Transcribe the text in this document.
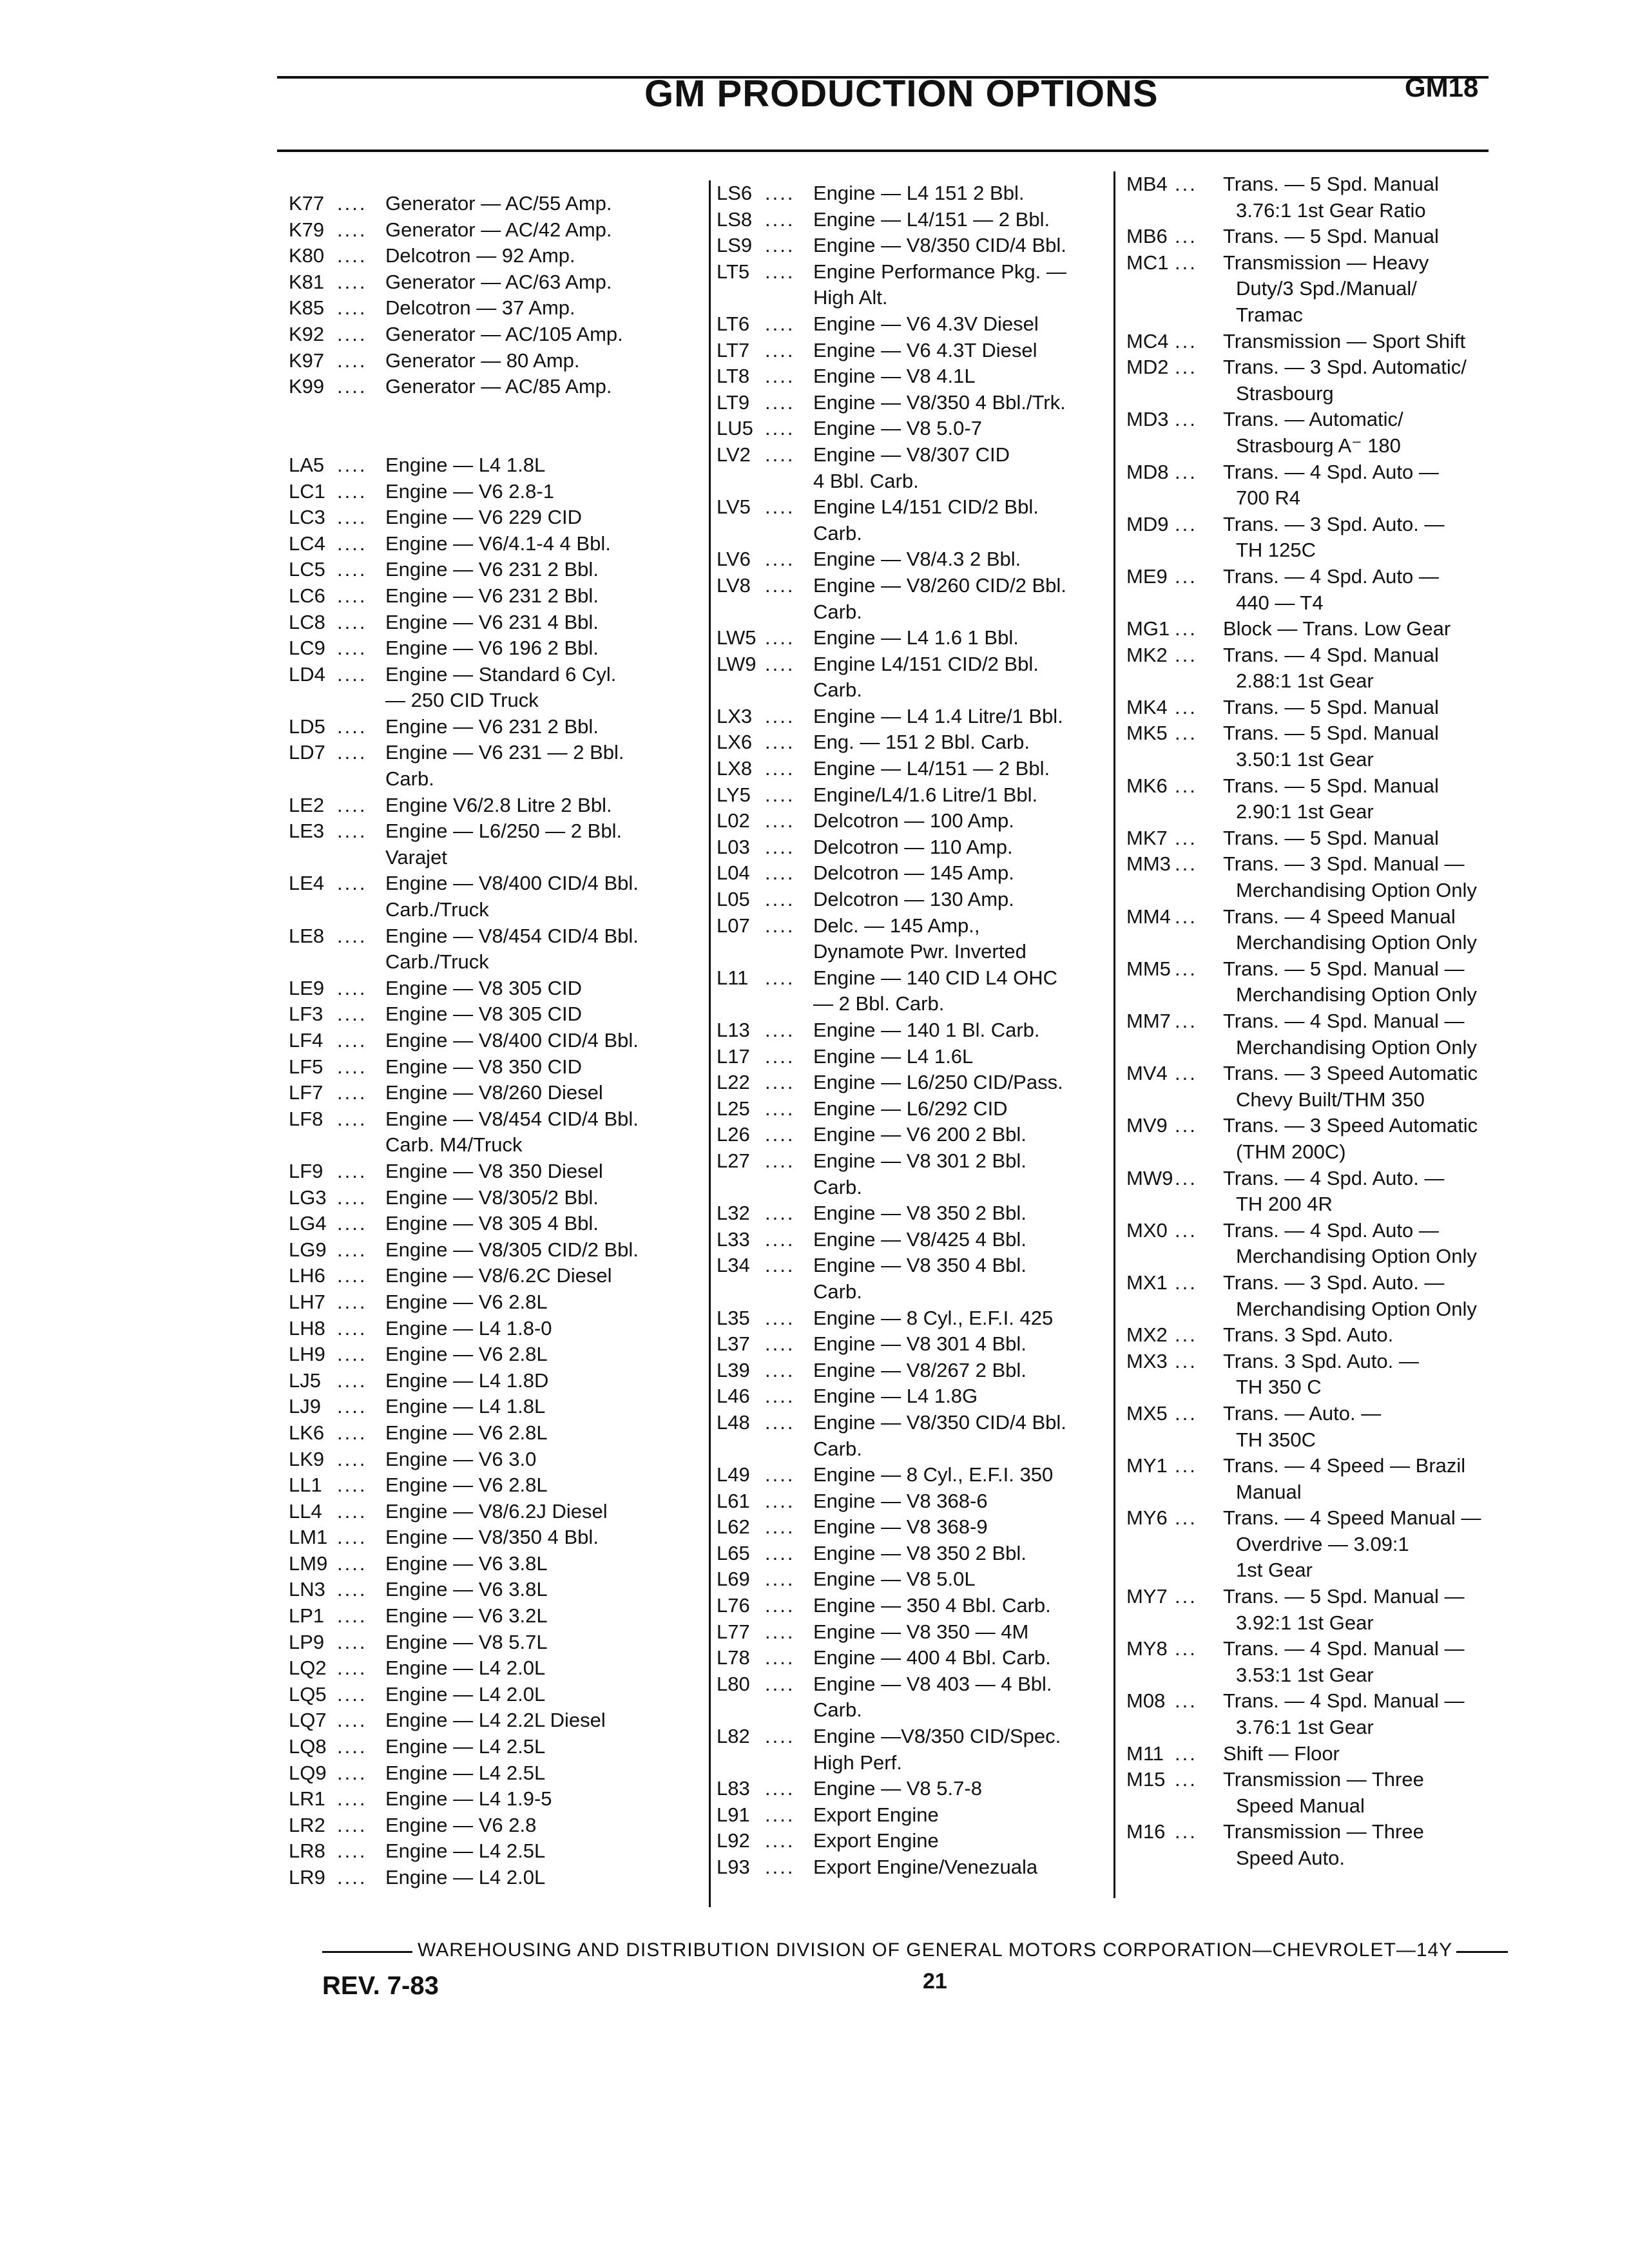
GM PRODUCTION OPTIONS	GM18
K77 .... Generator — AC/55 Amp.
K79 .... Generator — AC/42 Amp.
K80 .... Delcotron — 92 Amp.
K81 .... Generator — AC/63 Amp.
K85 .... Delcotron — 37 Amp.
K92 .... Generator — AC/105 Amp.
K97 .... Generator — 80 Amp.
K99 .... Generator — AC/85 Amp.

LA5 .... Engine — L4 1.8L
LC1 .... Engine — V6 2.8-1
LC3 .... Engine — V6 229 CID
LC4 .... Engine — V6/4.1-4 4 Bbl.
LC5 .... Engine — V6 231 2 Bbl.
LC6 .... Engine — V6 231 2 Bbl.
LC8 .... Engine — V6 231 4 Bbl.
LC9 .... Engine — V6 196 2 Bbl.
LD4 .... Engine — Standard 6 Cyl.
— 250 CID Truck
LD5 .... Engine — V6 231 2 Bbl.
LD7 .... Engine — V6 231 — 2 Bbl.
Carb.
LE2 .... Engine V6/2.8 Litre 2 Bbl.
LE3 .... Engine — L6/250 — 2 Bbl.
Varajet
LE4 .... Engine — V8/400 CID/4 Bbl.
Carb./Truck
LE8 .... Engine — V8/454 CID/4 Bbl.
Carb./Truck
LE9 .... Engine — V8 305 CID
LF3 .... Engine — V8 305 CID
LF4 .... Engine — V8/400 CID/4 Bbl.
LF5 .... Engine — V8 350 CID
LF7 .... Engine — V8/260 Diesel
LF8 .... Engine — V8/454 CID/4 Bbl.
Carb. M4/Truck
LF9 .... Engine — V8 350 Diesel
LG3 .... Engine — V8/305/2 Bbl.
LG4 .... Engine — V8 305 4 Bbl.
LG9 .... Engine — V8/305 CID/2 Bbl.
LH6 .... Engine — V8/6.2C Diesel
LH7 .... Engine — V6 2.8L
LH8 .... Engine — L4 1.8-0
LH9 .... Engine — V6 2.8L
LJ5 .... Engine — L4 1.8D
LJ9 .... Engine — L4 1.8L
LK6 .... Engine — V6 2.8L
LK9 .... Engine — V6 3.0
LL1 .... Engine — V6 2.8L
LL4 .... Engine — V8/6.2J Diesel
LM1 .... Engine — V8/350 4 Bbl.
LM9 .... Engine — V6 3.8L
LN3 .... Engine — V6 3.8L
LP1 .... Engine — V6 3.2L
LP9 .... Engine — V8 5.7L
LQ2 .... Engine — L4 2.0L
LQ5 .... Engine — L4 2.0L
LQ7 .... Engine — L4 2.2L Diesel
LQ8 .... Engine — L4 2.5L
LQ9 .... Engine — L4 2.5L
LR1 .... Engine — L4 1.9-5
LR2 .... Engine — V6 2.8
LR8 .... Engine — L4 2.5L
LR9 .... Engine — L4 2.0L
LS6 .... Engine — L4 151 2 Bbl.
LS8 .... Engine — L4/151 — 2 Bbl.
LS9 .... Engine — V8/350 CID/4 Bbl.
LT5 .... Engine Performance Pkg. —
High Alt.
LT6 .... Engine — V6 4.3V Diesel
LT7 .... Engine — V6 4.3T Diesel
LT8 .... Engine — V8 4.1L
LT9 .... Engine — V8/350 4 Bbl./Trk.
LU5 .... Engine — V8 5.0-7
LV2 .... Engine — V8/307 CID
4 Bbl. Carb.
LV5 .... Engine L4/151 CID/2 Bbl.
Carb.
LV6 .... Engine — V8/4.3 2 Bbl.
LV8 .... Engine — V8/260 CID/2 Bbl.
Carb.
LW5 .... Engine — L4 1.6 1 Bbl.
LW9 .... Engine L4/151 CID/2 Bbl.
Carb.
LX3 .... Engine — L4 1.4 Litre/1 Bbl.
LX6 .... Eng. — 151 2 Bbl. Carb.
LX8 .... Engine — L4/151 — 2 Bbl.
LY5 .... Engine/L4/1.6 Litre/1 Bbl.
L02 .... Delcotron — 100 Amp.
L03 .... Delcotron — 110 Amp.
L04 .... Delcotron — 145 Amp.
L05 .... Delcotron — 130 Amp.
L07 .... Delc. — 145 Amp.,
Dynamote Pwr. Inverted
L11 .... Engine — 140 CID L4 OHC
— 2 Bbl. Carb.
L13 .... Engine — 140 1 Bl. Carb.
L17 .... Engine — L4 1.6L
L22 .... Engine — L6/250 CID/Pass.
L25 .... Engine — L6/292 CID
L26 .... Engine — V6 200 2 Bbl.
L27 .... Engine — V8 301 2 Bbl.
Carb.
L32 .... Engine — V8 350 2 Bbl.
L33 .... Engine — V8/425 4 Bbl.
L34 .... Engine — V8 350 4 Bbl.
Carb.
L35 .... Engine — 8 Cyl., E.F.I. 425
L37 .... Engine — V8 301 4 Bbl.
L39 .... Engine — V8/267 2 Bbl.
L46 .... Engine — L4 1.8G
L48 .... Engine — V8/350 CID/4 Bbl.
Carb.
L49 .... Engine — 8 Cyl., E.F.I. 350
L61 .... Engine — V8 368-6
L62 .... Engine — V8 368-9
L65 .... Engine — V8 350 2 Bbl.
L69 .... Engine — V8 5.0L
L76 .... Engine — 350 4 Bbl. Carb.
L77 .... Engine — V8 350 — 4M
L78 .... Engine — 400 4 Bbl. Carb.
L80 .... Engine — V8 403 — 4 Bbl.
Carb.
L82 .... Engine —V8/350 CID/Spec.
High Perf.
L83 .... Engine — V8 5.7-8
L91 .... Export Engine
L92 .... Export Engine
L93 .... Export Engine/Venezuala
MB4 ...	Trans. — 5 Spd. Manual
3.76:1 1st Gear Ratio
MB6 ...	Trans. — 5 Spd. Manual
MC1 ...	Transmission — Heavy
Duty/3 Spd./Manual/
Tramac
MC4 ...	Transmission — Sport Shift
MD2 ...	Trans. — 3 Spd. Automatic/
Strasbourg
MD3 ...	Trans. — Automatic/
Strasbourg A⁻ 180
MD8 ...	Trans. — 4 Spd. Auto —
700 R4
MD9 ...	Trans. — 3 Spd. Auto. —
TH 125C
ME9 ...	Trans. — 4 Spd. Auto —
440 — T4
MG1 ...	Block — Trans. Low Gear
MK2 ...	Trans. — 4 Spd. Manual
2.88:1 1st Gear
MK4 ...	Trans. — 5 Spd. Manual
MK5 ...	Trans. — 5 Spd. Manual
3.50:1 1st Gear
MK6 ...	Trans. — 5 Spd. Manual
2.90:1 1st Gear
MK7 ...	Trans. — 5 Spd. Manual
MM3 ...	Trans. — 3 Spd. Manual —
Merchandising Option Only
MM4 ...	Trans. — 4 Speed Manual
Merchandising Option Only
MM5 ...	Trans. — 5 Spd. Manual —
Merchandising Option Only
MM7 ...	Trans. — 4 Spd. Manual —
Merchandising Option Only
MV4 ...	Trans. — 3 Speed Automatic
Chevy Built/THM 350
MV9 ...	Trans. — 3 Speed Automatic
(THM 200C)
MW9 ...	Trans. — 4 Spd. Auto. —
TH 200 4R
MX0 ...	Trans. — 4 Spd. Auto —
Merchandising Option Only
MX1 ...	Trans. — 3 Spd. Auto. —
Merchandising Option Only
MX2 ...	Trans. 3 Spd. Auto.
MX3 ...	Trans. 3 Spd. Auto. —
TH 350 C
MX5 ...	Trans. — Auto. —
TH 350C
MY1 ...	Trans. — 4 Speed — Brazil
Manual
MY6 ...	Trans. — 4 Speed Manual —
Overdrive — 3.09:1
1st Gear
MY7 ...	Trans. — 5 Spd. Manual —
3.92:1 1st Gear
MY8 ...	Trans. — 4 Spd. Manual —
3.53:1 1st Gear
M08 ...	Trans. — 4 Spd. Manual —
3.76:1 1st Gear
M11 ...	Shift — Floor
M15 ...	Transmission — Three
Speed Manual
M16 ...	Transmission — Three
Speed Auto.
WAREHOUSING AND DISTRIBUTION DIVISION OF GENERAL MOTORS CORPORATION—CHEVROLET—14Y
REV. 7-83	21
